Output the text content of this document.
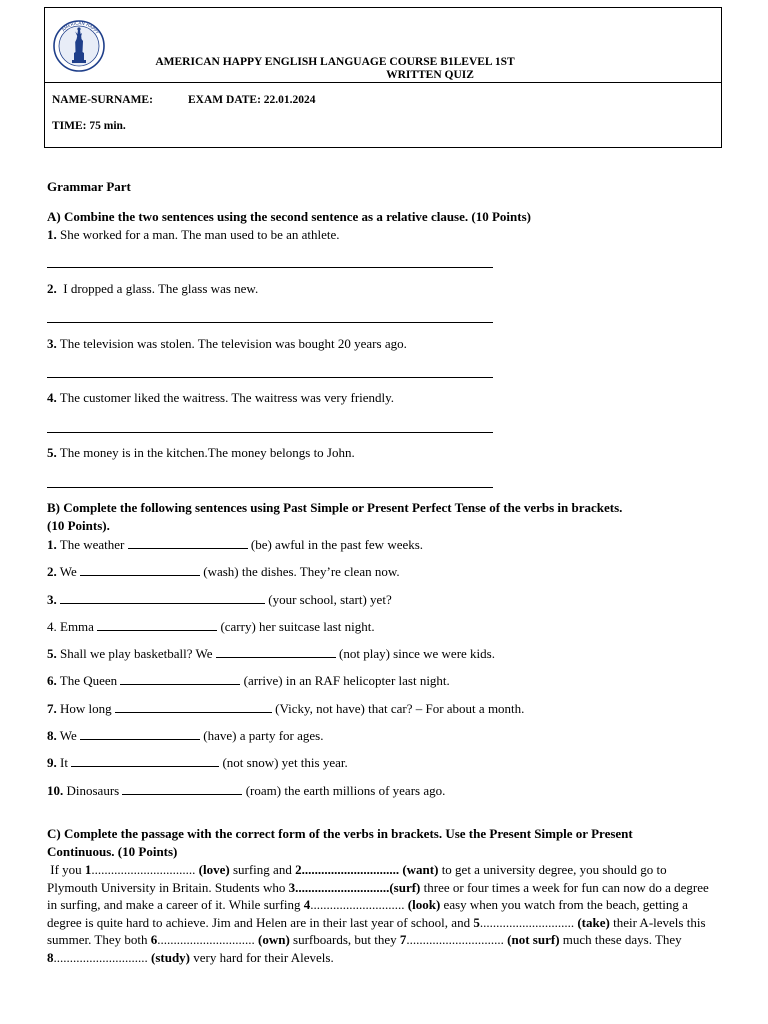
AMERICAN HAPPY
AMERICAN HAPPY ENGLISH LANGUAGE COURSE B1LEVEL 1ST
WRITTEN QUIZ
NAME-SURNAME:	EXAM DATE: 22.01.2024
TIME: 75 min.
Grammar Part
A) Combine the two sentences using the second sentence as a relative clause. (10 Points)
1. She worked for a man. The man used to be an athlete.
2.  I dropped a glass. The glass was new.
3. The television was stolen. The television was bought 20 years ago.
4. The customer liked the waitress. The waitress was very friendly.
5. The money is in the kitchen.The money belongs to John.
B) Complete the following sentences using Past Simple or Present Perfect Tense of the verbs in brackets.
(10 Points).
1. The weather	(be) awful in the past few weeks.
2. We	(wash) the dishes. They’re clean now.
3.	(your school, start) yet?
4. Emma	(carry) her suitcase last night.
5. Shall we play basketball? We	(not play) since we were kids.
6. The Queen	(arrive) in an RAF helicopter last night.
7. How long	(Vicky, not have) that car? – For about a month.
8. We	(have) a party for ages.
9. It	(not snow) yet this year.
10. Dinosaurs	(roam) the earth millions of years ago.
C) Complete the passage with the correct form of the verbs in brackets. Use the Present Simple or Present
Continuous. (10 Points)
If you 1................................ (love) surfing and 2.............................. (want) to get a university degree, you should go to Plymouth University in Britain. Students who 3.............................(surf) three or four times a week for fun can now do a degree in surfing, and make a career of it. While surfing 4............................. (look) easy when you watch from the beach, getting a degree is quite hard to achieve. Jim and Helen are in their last year of school, and 5............................. (take) their A-levels this summer. They both 6.............................. (own) surfboards, but they 7.............................. (not surf) much these days. They 8............................. (study) very hard for their Alevels.
